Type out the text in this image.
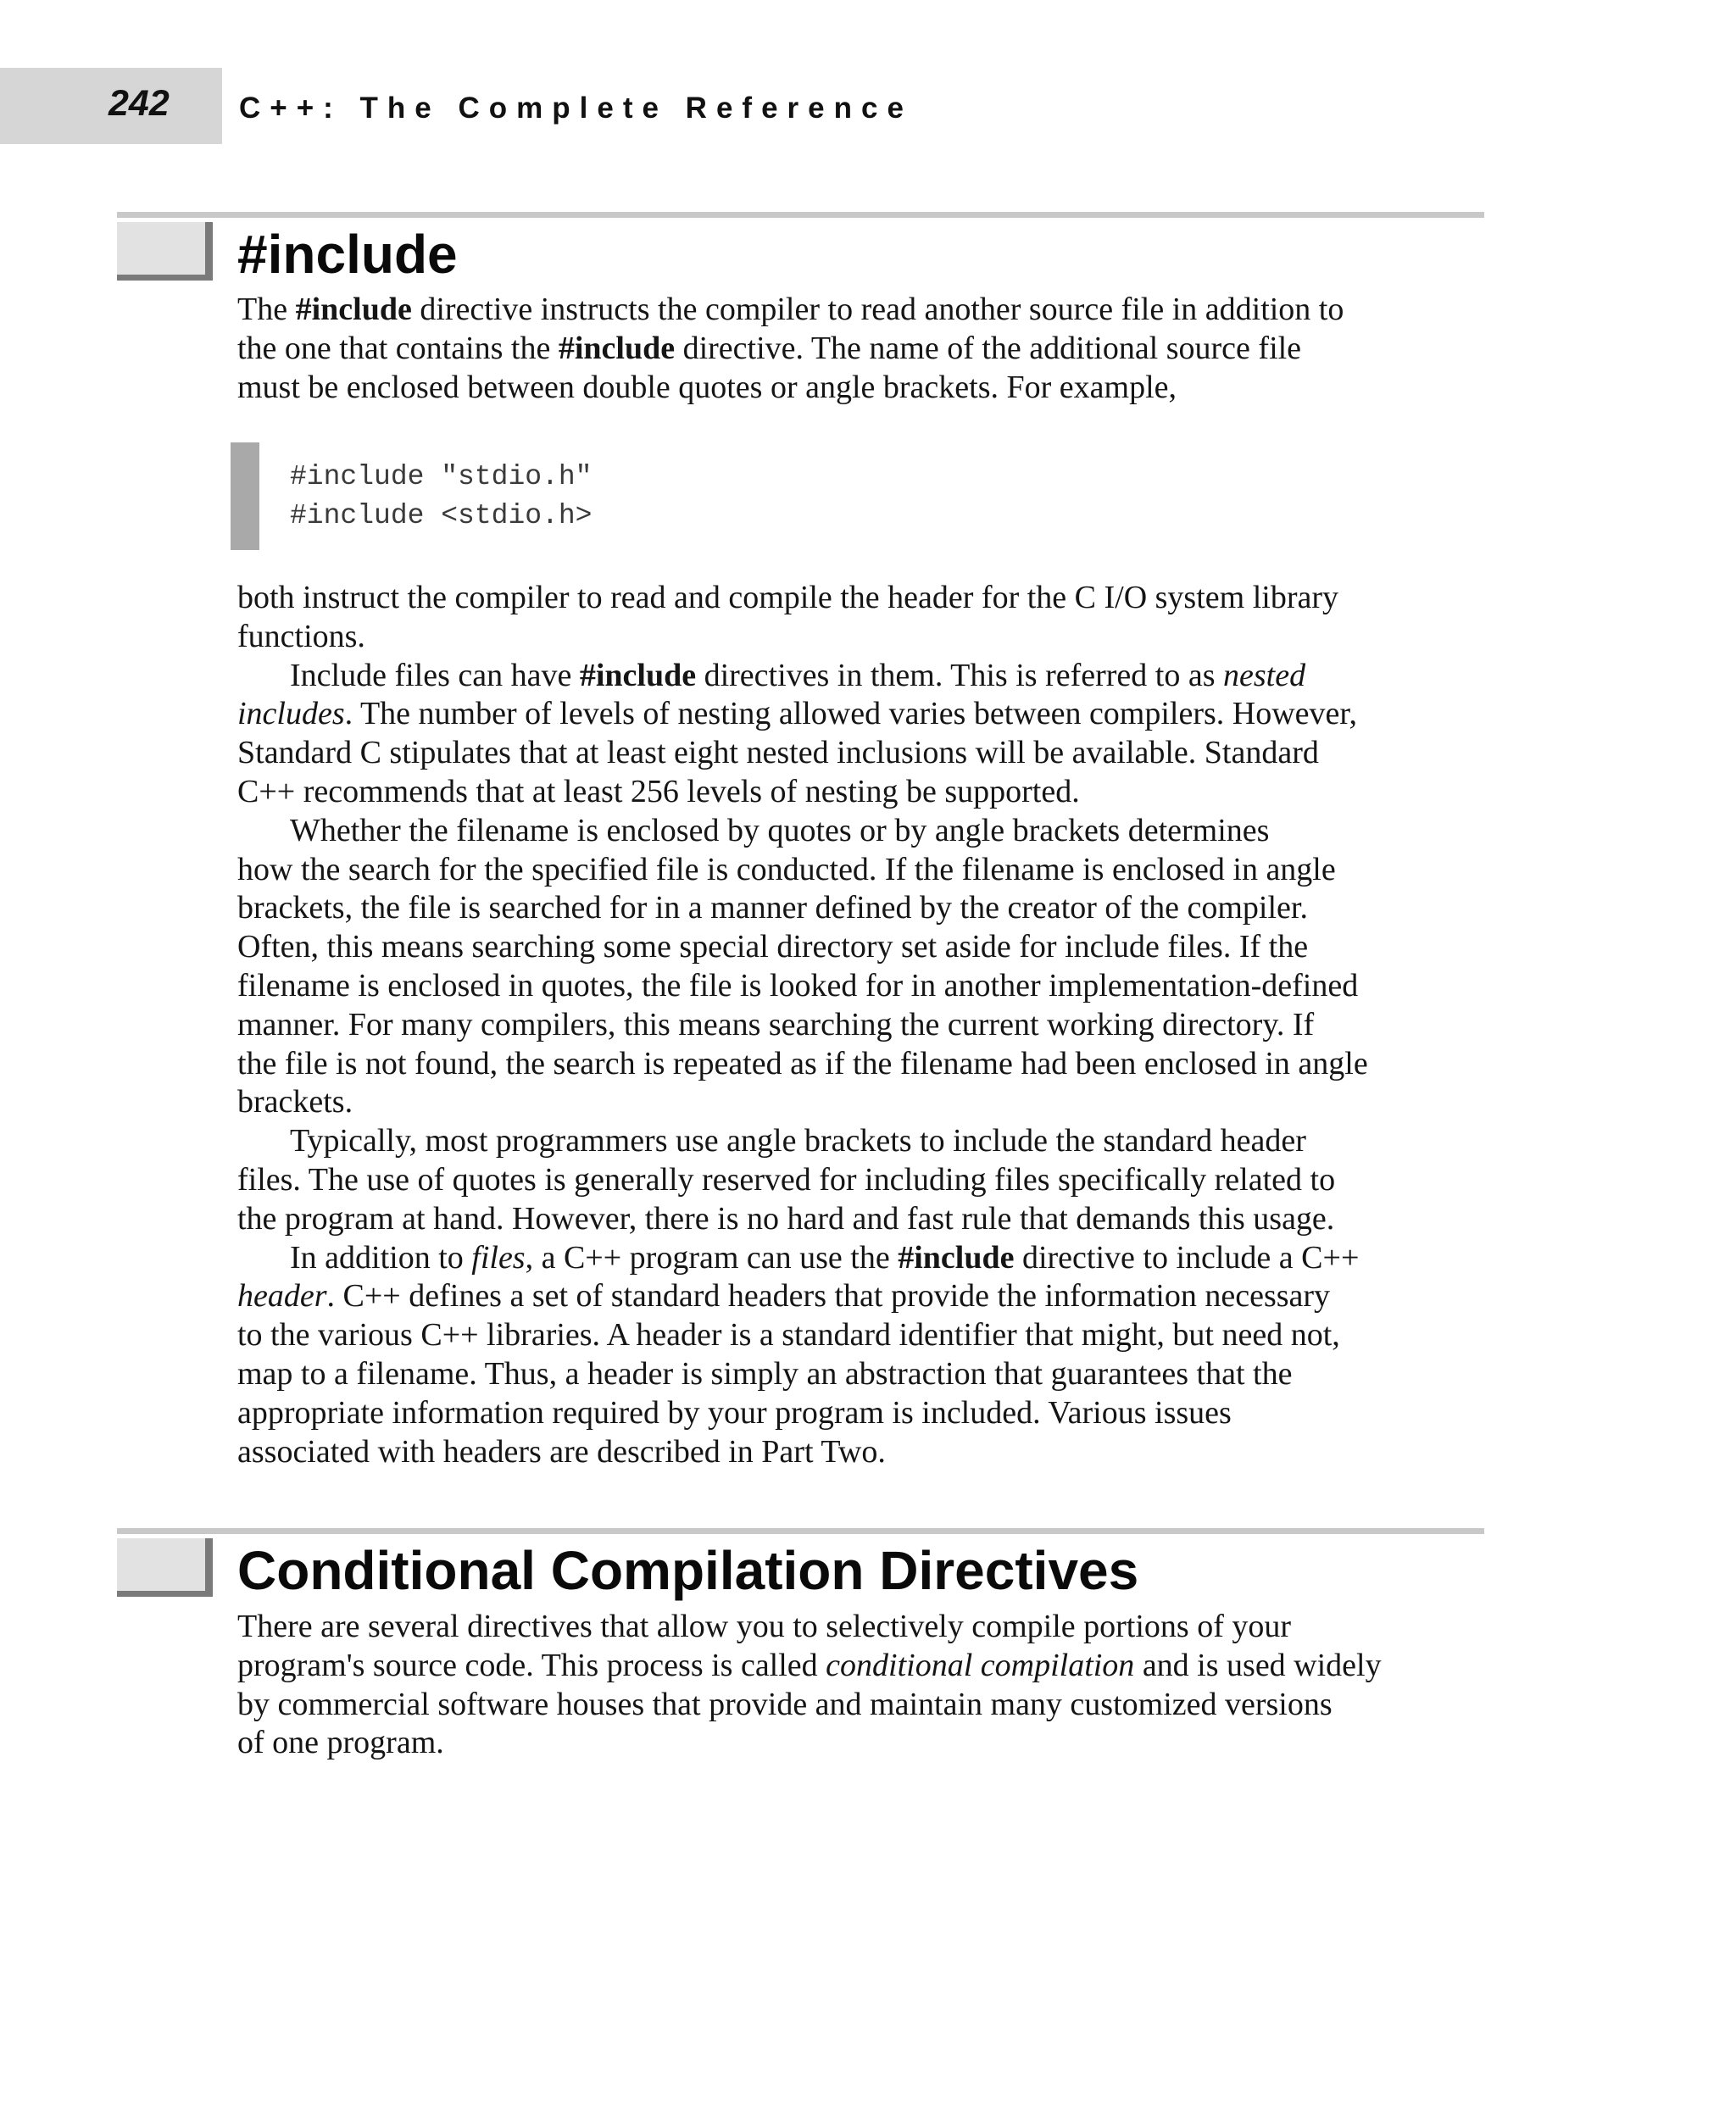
242 C++: The Complete Reference
#include
The #include directive instructs the compiler to read another source file in addition to
the one that contains the #include directive. The name of the additional source file
must be enclosed between double quotes or angle brackets. For example,
#include "stdio.h"
#include <stdio.h>
both instruct the compiler to read and compile the header for the C I/O system library
functions.
Include files can have #include directives in them. This is referred to as nested
includes. The number of levels of nesting allowed varies between compilers. However,
Standard C stipulates that at least eight nested inclusions will be available. Standard
C++ recommends that at least 256 levels of nesting be supported.
Whether the filename is enclosed by quotes or by angle brackets determines
how the search for the specified file is conducted. If the filename is enclosed in angle
brackets, the file is searched for in a manner defined by the creator of the compiler.
Often, this means searching some special directory set aside for include files. If the
filename is enclosed in quotes, the file is looked for in another implementation-defined
manner. For many compilers, this means searching the current working directory. If
the file is not found, the search is repeated as if the filename had been enclosed in angle
brackets.
Typically, most programmers use angle brackets to include the standard header
files. The use of quotes is generally reserved for including files specifically related to
the program at hand. However, there is no hard and fast rule that demands this usage.
In addition to files, a C++ program can use the #include directive to include a C++
header. C++ defines a set of standard headers that provide the information necessary
to the various C++ libraries. A header is a standard identifier that might, but need not,
map to a filename. Thus, a header is simply an abstraction that guarantees that the
appropriate information required by your program is included. Various issues
associated with headers are described in Part Two.
Conditional Compilation Directives
There are several directives that allow you to selectively compile portions of your
program's source code. This process is called conditional compilation and is used widely
by commercial software houses that provide and maintain many customized versions
of one program.
